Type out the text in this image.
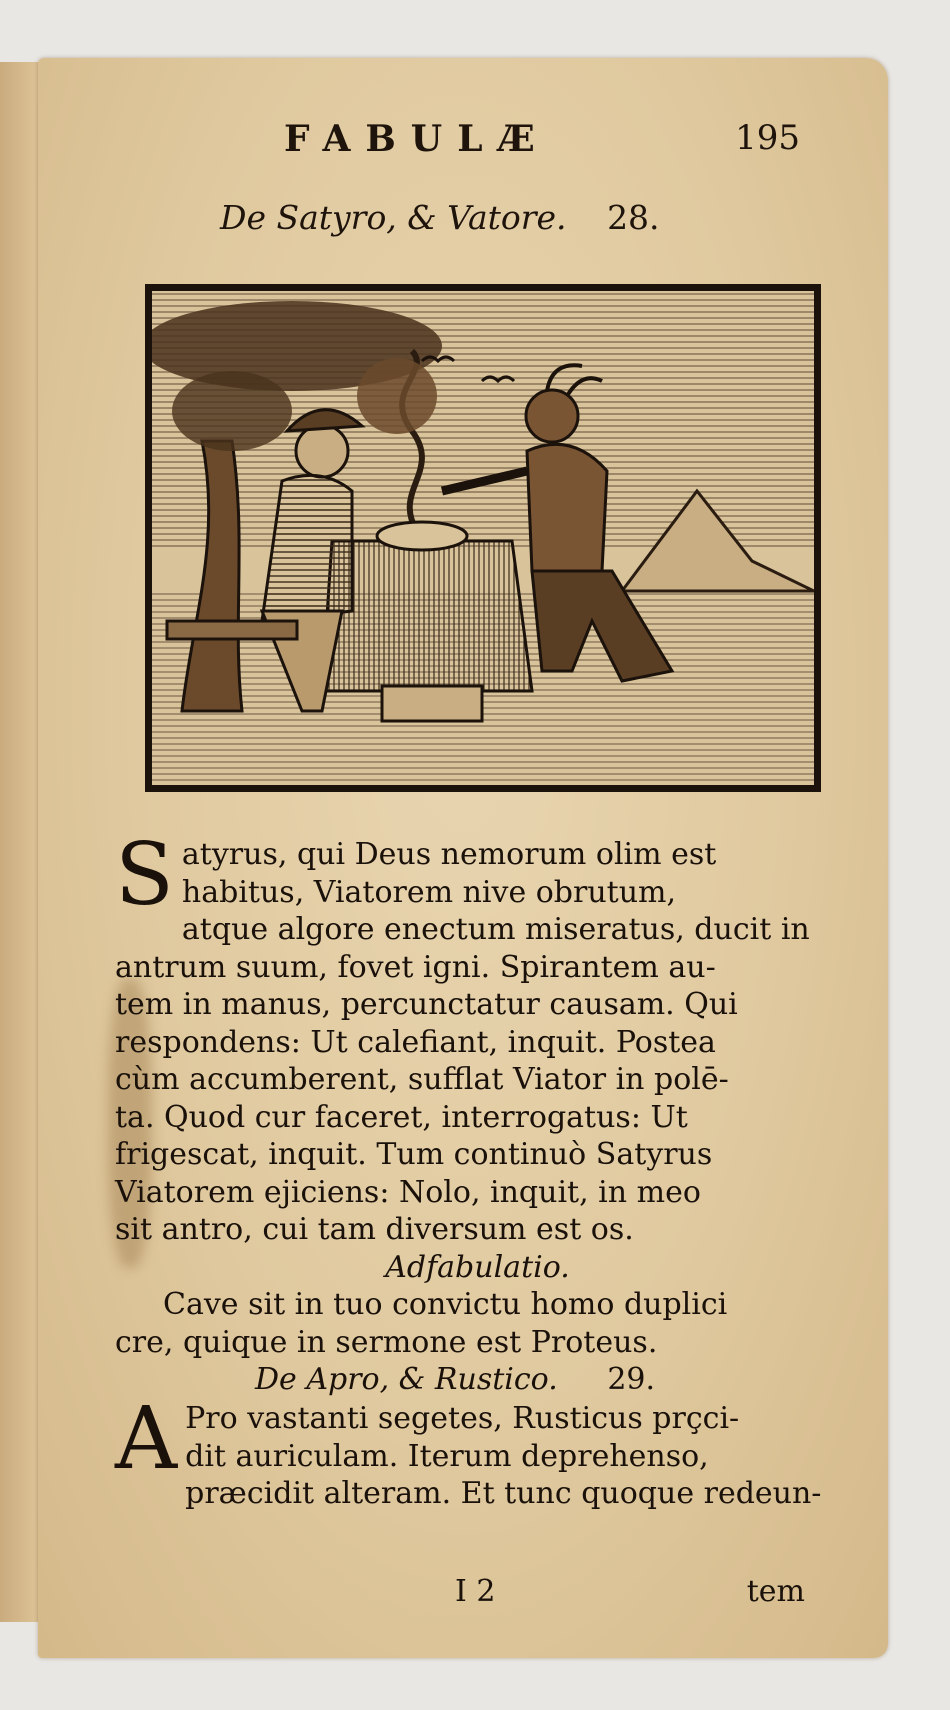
FABULÆ	195
De Satyro, & Vatore. 28.
S atyrus, qui Deus nemorum olim est
habitus, Viatorem nive obrutum,
atque algore enectum miseratus, ducit in
antrum suum, fovet igni. Spirantem au-
tem in manus, percunctatur causam. Qui
respondens: Ut calefiant, inquit. Postea
cùm accumberent, sufflat Viator in polē-
ta. Quod cur faceret, interrogatus: Ut
frigescat, inquit. Tum continuò Satyrus
Viatorem ejiciens: Nolo, inquit, in meo
sit antro, cui tam diversum est os.
Adfabulatio.
Cave sit in tuo convictu homo duplici
cre, quique in sermone est Proteus.
De Apro, & Rustico. 29.
A Pro vastanti segetes, Rusticus prçci-
dit auriculam. Iterum deprehenso,
præcidit alteram. Et tunc quoque redeun-
I 2	tem
